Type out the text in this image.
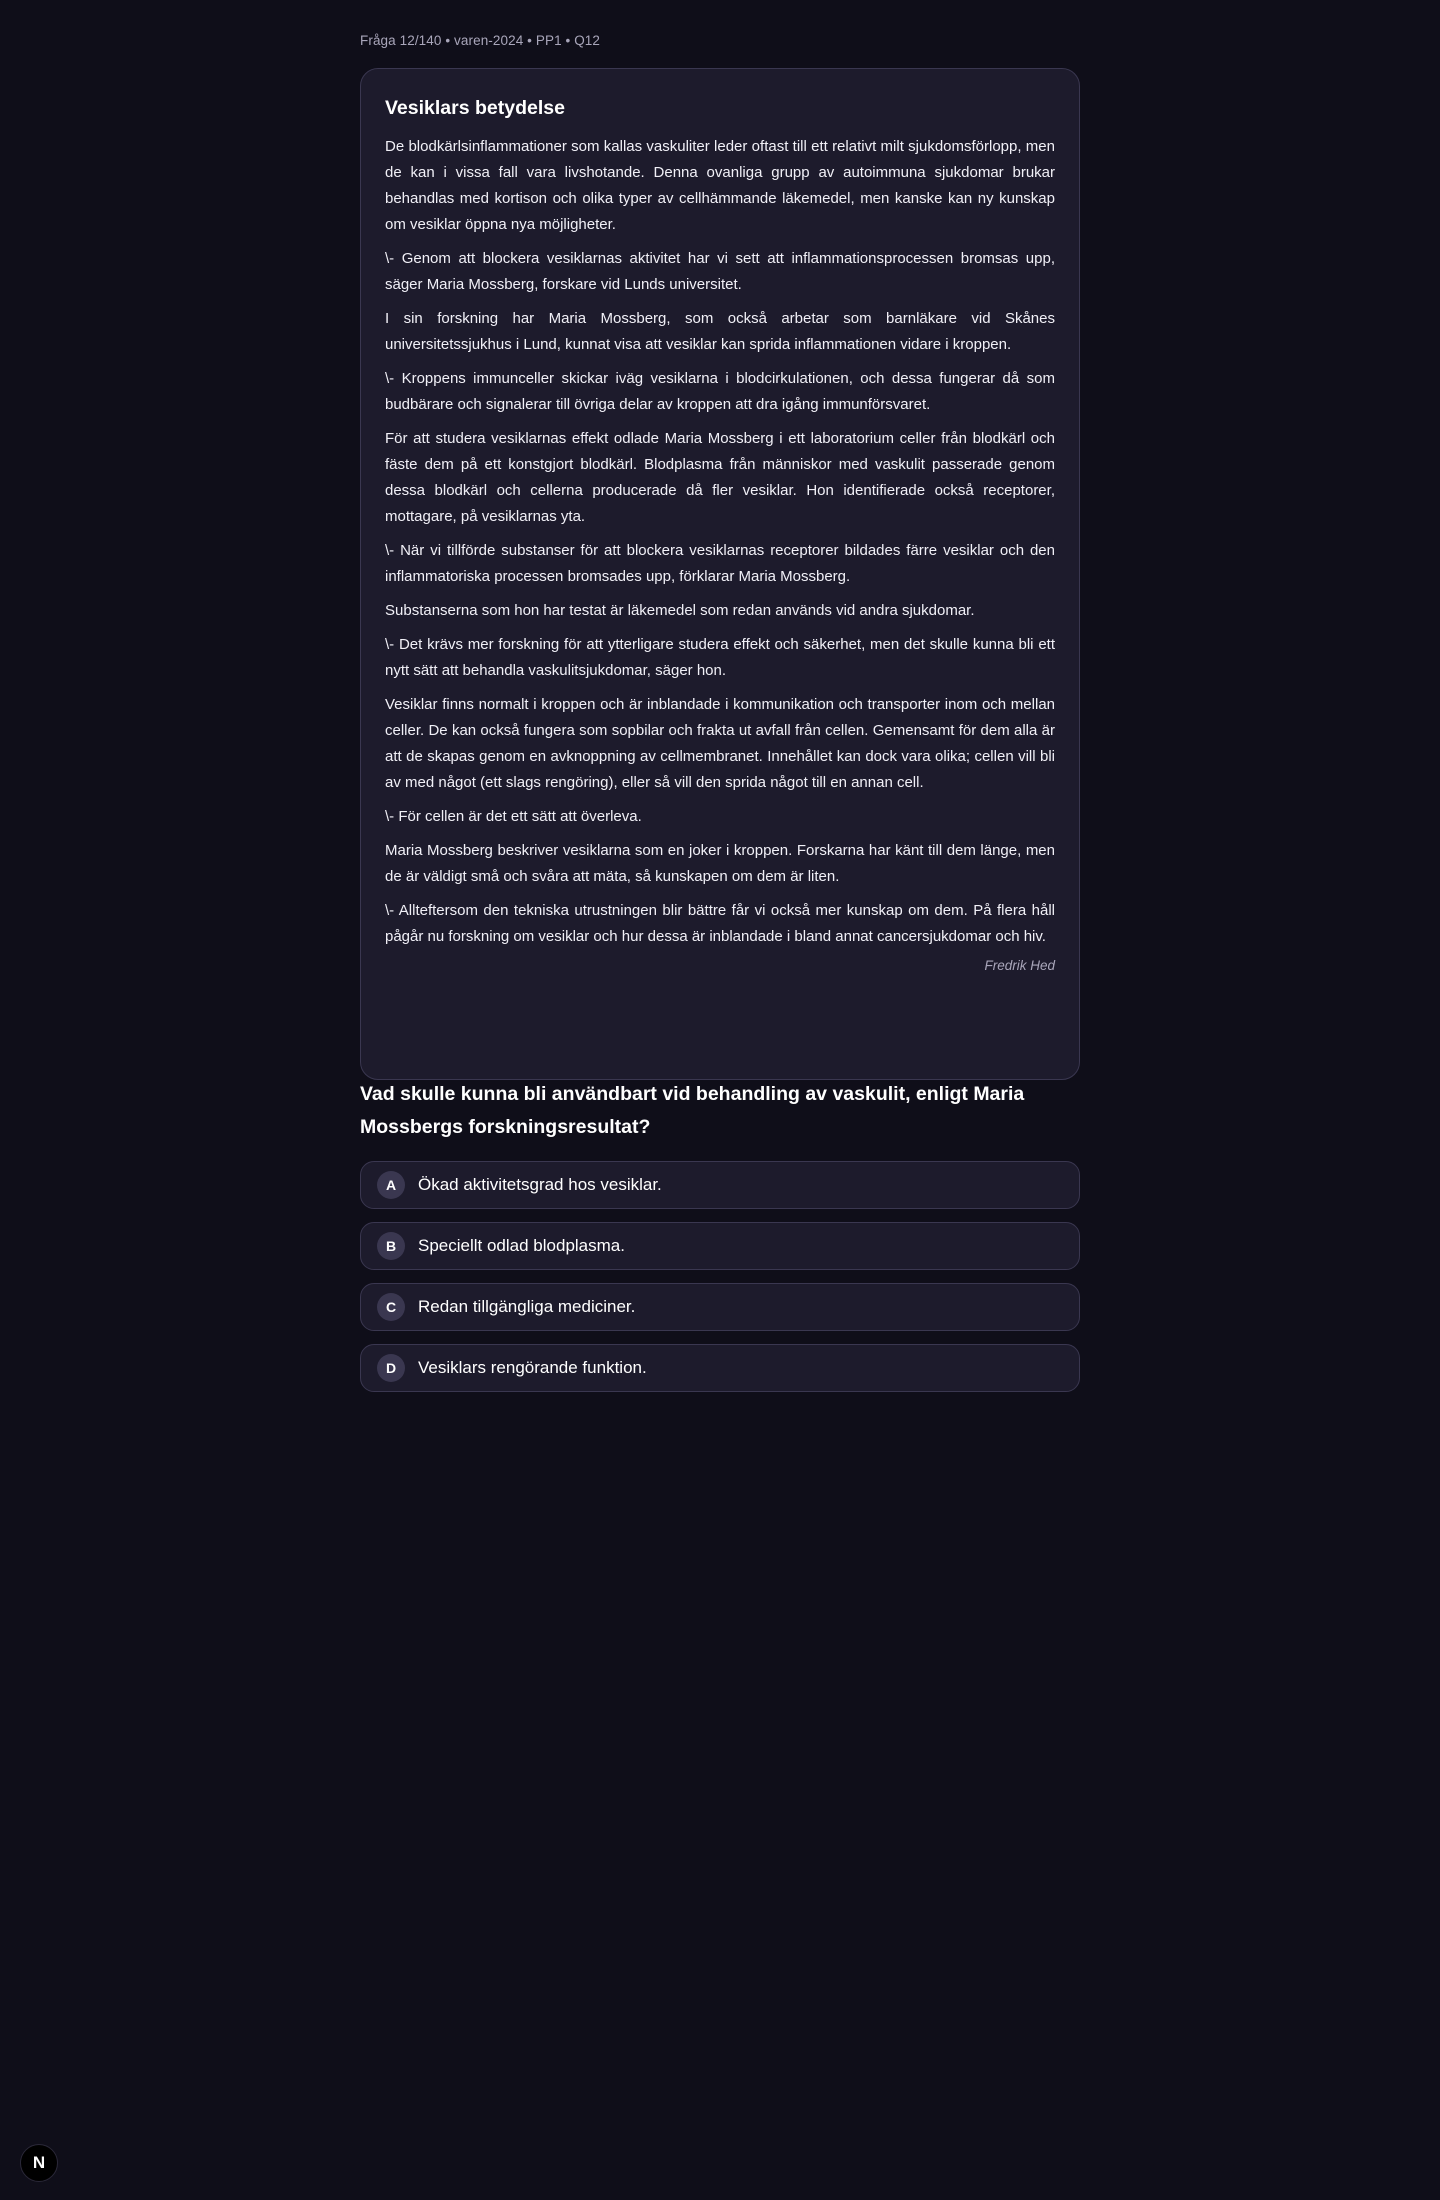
Fråga 12/140 • varen-2024 • PP1 • Q12
Vesiklars betydelse

De blodkärlsinflammationer som kallas vaskuliter leder oftast till ett relativt milt sjukdomsförlopp, men de kan i vissa fall vara livshotande. Denna ovanliga grupp av autoimmuna sjukdomar brukar behandlas med kortison och olika typer av cellhämmande läkemedel, men kanske kan ny kunskap om vesiklar öppna nya möjligheter.

\- Genom att blockera vesiklarnas aktivitet har vi sett att inflammationsprocessen bromsas upp, säger Maria Mossberg, forskare vid Lunds universitet.

I sin forskning har Maria Mossberg, som också arbetar som barnläkare vid Skånes universitetssjukhus i Lund, kunnat visa att vesiklar kan sprida inflammationen vidare i kroppen.

\- Kroppens immunceller skickar iväg vesiklarna i blodcirkulationen, och dessa fungerar då som budbärare och signalerar till övriga delar av kroppen att dra igång immunförsvaret.

För att studera vesiklarnas effekt odlade Maria Mossberg i ett laboratorium celler från blodkärl och fäste dem på ett konstgjort blodkärl. Blodplasma från människor med vaskulit passerade genom dessa blodkärl och cellerna producerade då fler vesiklar. Hon identifierade också receptorer, mottagare, på vesiklarnas yta.

\- När vi tillförde substanser för att blockera vesiklarnas receptorer bildades färre vesiklar och den inflammatoriska processen bromsades upp, förklarar Maria Mossberg.

Substanserna som hon har testat är läkemedel som redan används vid andra sjukdomar.

\- Det krävs mer forskning för att ytterligare studera effekt och säkerhet, men det skulle kunna bli ett nytt sätt att behandla vaskulitsjukdomar, säger hon.

Vesiklar finns normalt i kroppen och är inblandade i kommunikation och transporter inom och mellan celler. De kan också fungera som sopbilar och frakta ut avfall från cellen. Gemensamt för dem alla är att de skapas genom en avknoppning av cellmembranet. Innehållet kan dock vara olika; cellen vill bli av med något (ett slags rengöring), eller så vill den sprida något till en annan cell.

\- För cellen är det ett sätt att överleva.

Maria Mossberg beskriver vesiklarna som en joker i kroppen. Forskarna har känt till dem länge, men de är väldigt små och svåra att mäta, så kunskapen om dem är liten.

\- Allteftersom den tekniska utrustningen blir bättre får vi också mer kunskap om dem. På flera håll pågår nu forskning om vesiklar och hur dessa är inblandade i bland annat cancersjukdomar och hiv.

Fredrik Hed
Vad skulle kunna bli användbart vid behandling av vaskulit, enligt Maria Mossbergs forskningsresultat?
A	Ökad aktivitetsgrad hos vesiklar.
B	Speciellt odlad blodplasma.
C	Redan tillgängliga mediciner.
D	Vesiklars rengörande funktion.
N
